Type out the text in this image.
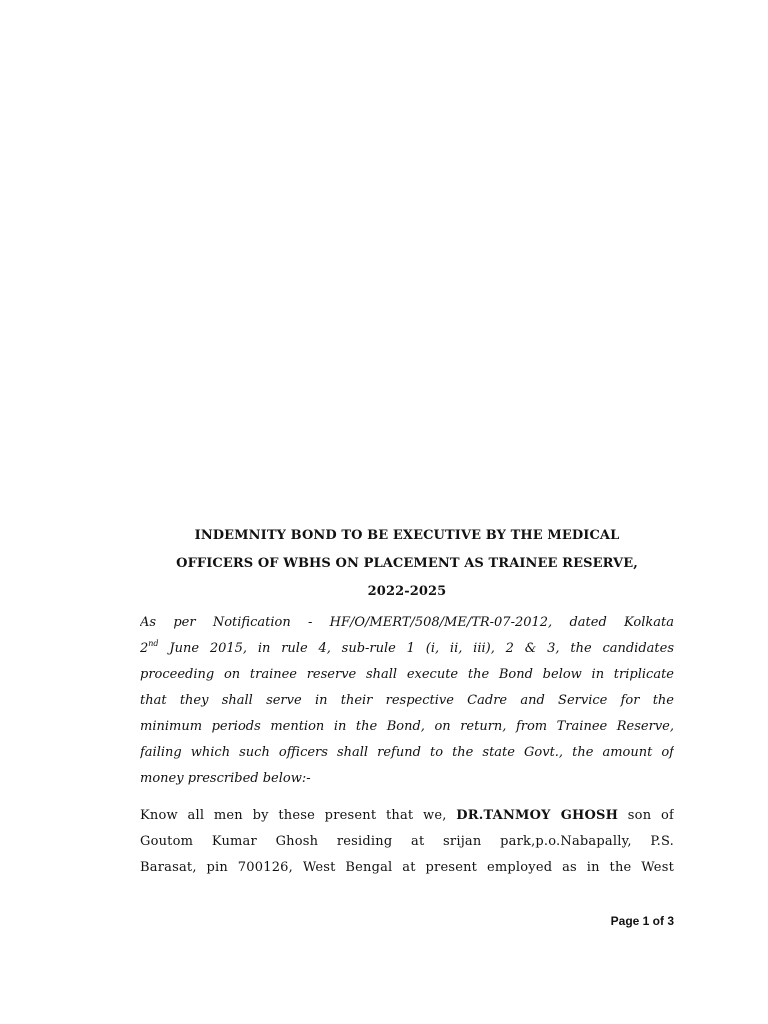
INDEMNITY BOND TO BE EXECUTIVE BY THE MEDICAL
OFFICERS OF WBHS ON PLACEMENT AS TRAINEE RESERVE,
2022-2025
As per Notification - HF/O/MERT/508/ME/TR-07-2012, dated Kolkata
2nd June 2015, in rule 4, sub-rule 1 (i, ii, iii), 2 & 3, the candidates
proceeding on trainee reserve shall execute the Bond below in triplicate
that they shall serve in their respective Cadre and Service for the
minimum periods mention in the Bond, on return, from Trainee Reserve,
failing which such officers shall refund to the state Govt., the amount of
money prescribed below:-
Know all men by these present that we, DR.TANMOY GHOSH son of
Goutom Kumar Ghosh residing at srijan park,p.o.Nabapally, P.S.
Barasat, pin 700126, West Bengal at present employed as in the West
Page 1 of 3
